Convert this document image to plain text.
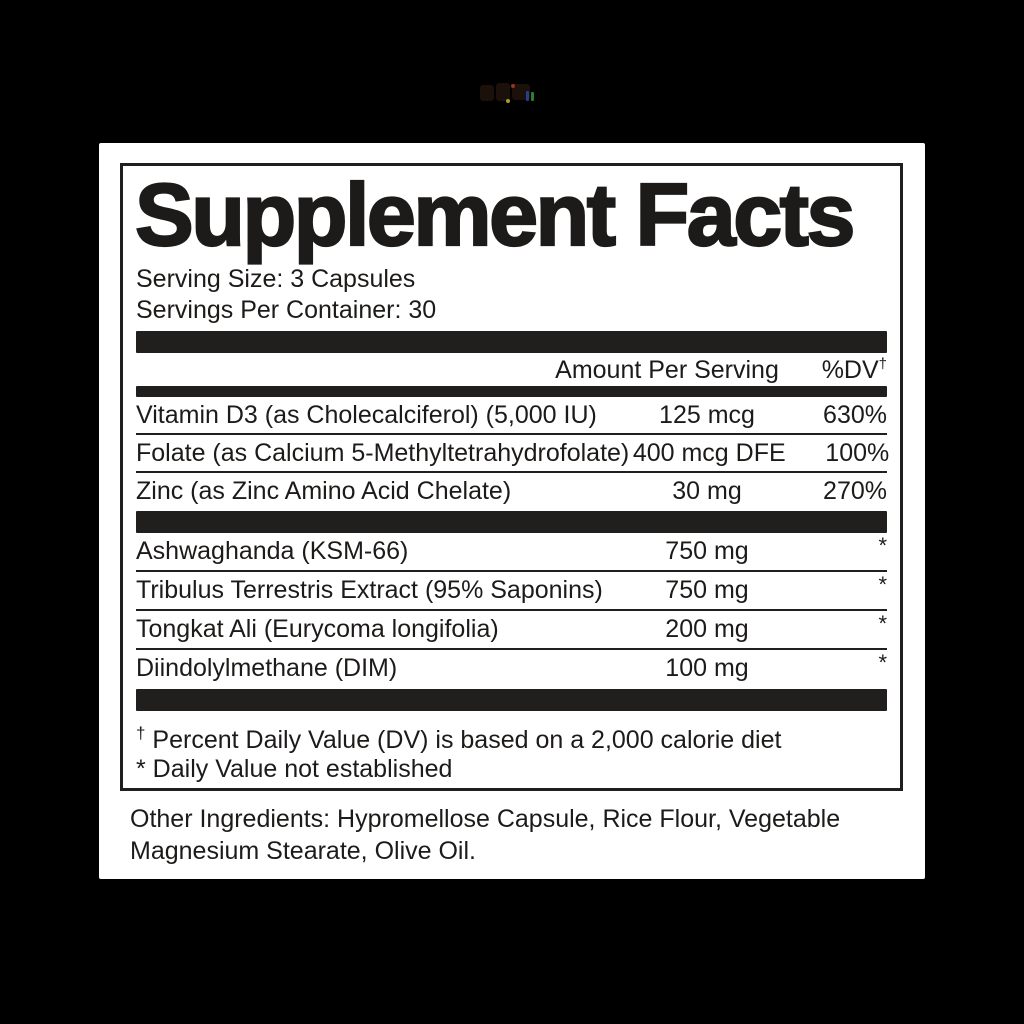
Supplement Facts
Serving Size: 3 Capsules
Servings Per Container: 30
Amount Per Serving	%DV†
Vitamin D3 (as Cholecalciferol) (5,000 IU)	125 mcg	630%
Folate (as Calcium 5-Methyltetrahydrofolate) 400 mcg DFE	100%
Zinc (as Zinc Amino Acid Chelate)	30 mg	270%
Ashwaghanda (KSM-66)	750 mg	*
Tribulus Terrestris Extract (95% Saponins)	750 mg	*
Tongkat Ali (Eurycoma longifolia)	200 mg	*
Diindolylmethane (DIM)	100 mg	*
† Percent Daily Value (DV) is based on a 2,000 calorie diet
* Daily Value not established
Other Ingredients: Hypromellose Capsule, Rice Flour, Vegetable Magnesium Stearate, Olive Oil.
